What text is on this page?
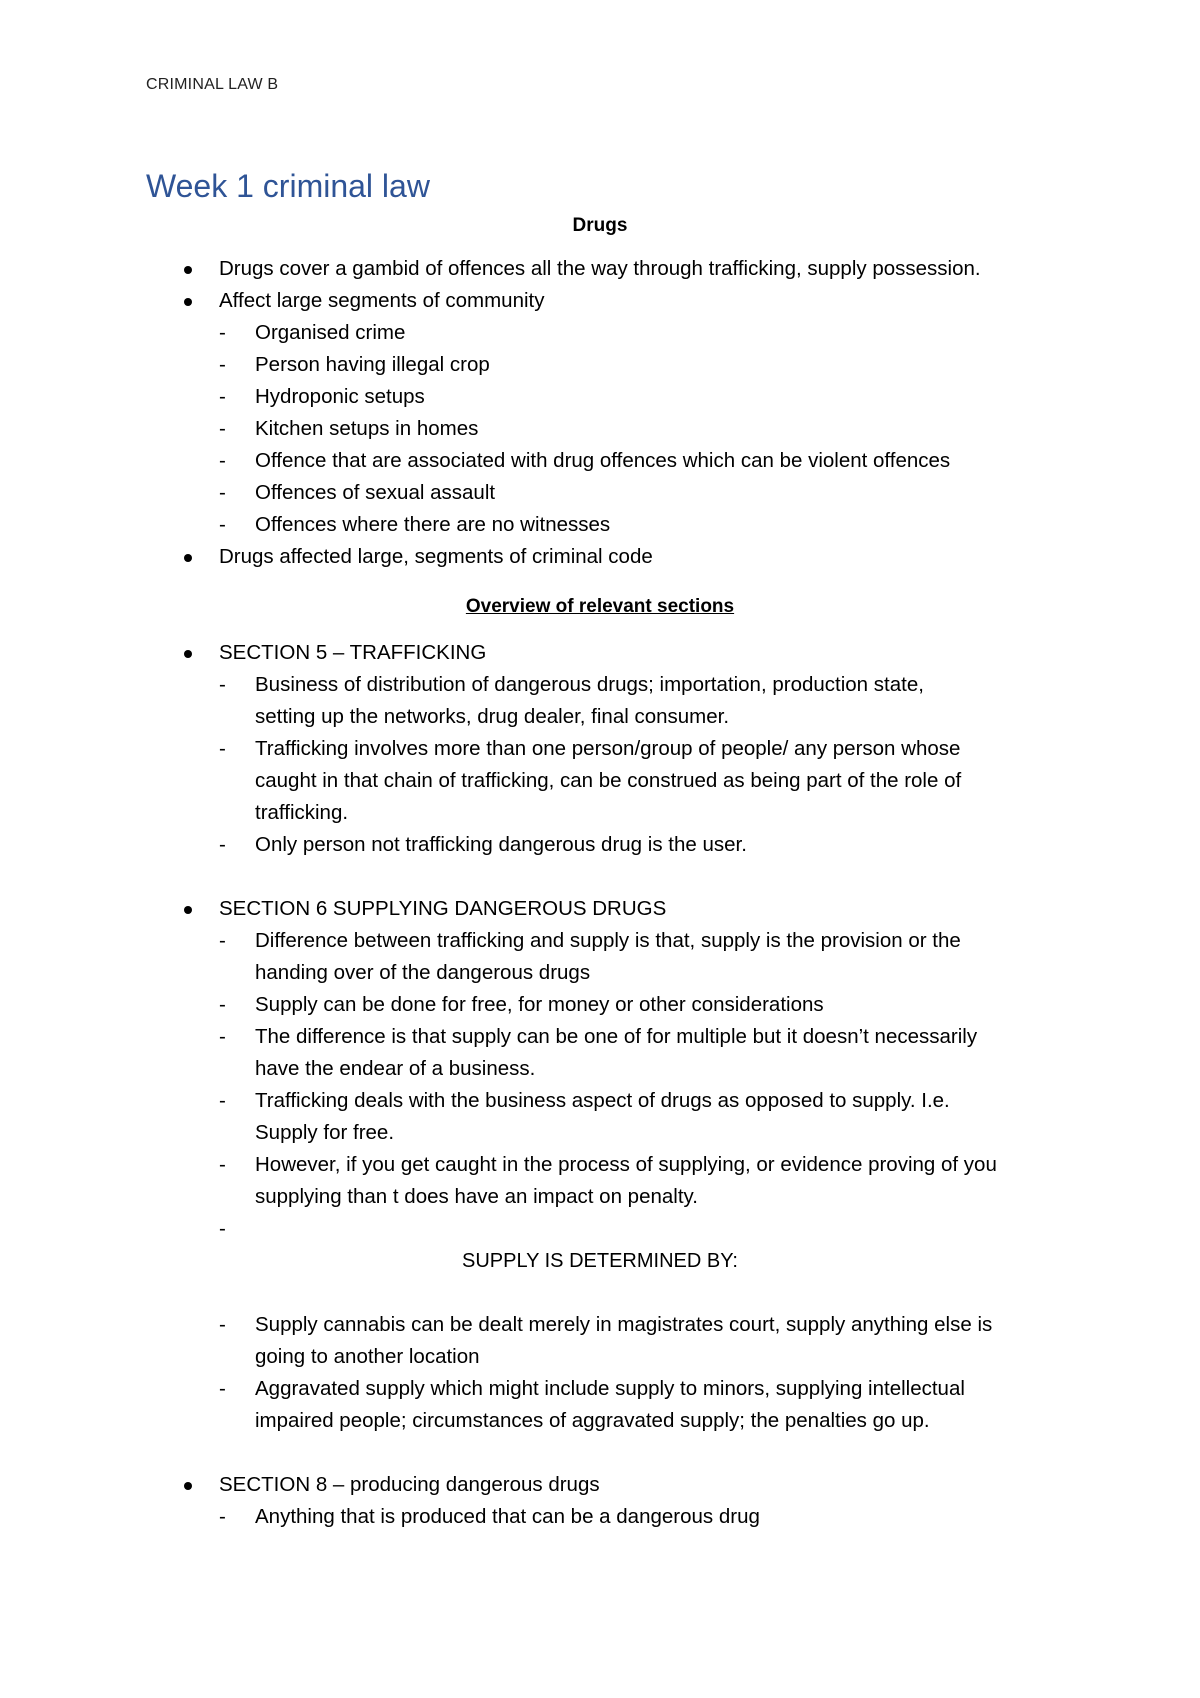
CRIMINAL LAW B
Week 1 criminal law
Drugs
Drugs cover a gambid of offences all the way through trafficking, supply possession.
Affect large segments of community
- Organised crime
- Person having illegal crop
- Hydroponic setups
- Kitchen setups in homes
- Offence that are associated with drug offences which can be violent offences
- Offences of sexual assault
- Offences where there are no witnesses
Drugs affected large, segments of criminal code
Overview of relevant sections
SECTION 5 – TRAFFICKING
- Business of distribution of dangerous drugs; importation, production state,
setting up the networks, drug dealer, final consumer.
- Trafficking involves more than one person/group of people/ any person whose
caught in that chain of trafficking, can be construed as being part of the role of
trafficking.
- Only person not trafficking dangerous drug is the user.
SECTION 6 SUPPLYING DANGEROUS DRUGS
- Difference between trafficking and supply is that, supply is the provision or the
handing over of the dangerous drugs
- Supply can be done for free, for money or other considerations
- The difference is that supply can be one of for multiple but it doesn’t necessarily
have the endear of a business.
- Trafficking deals with the business aspect of drugs as opposed to supply. I.e.
Supply for free.
- However, if you get caught in the process of supplying, or evidence proving of you
supplying than t does have an impact on penalty.
-
SUPPLY IS DETERMINED BY:
- Supply cannabis can be dealt merely in magistrates court, supply anything else is
going to another location
- Aggravated supply which might include supply to minors, supplying intellectual
impaired people; circumstances of aggravated supply; the penalties go up.
SECTION 8 – producing dangerous drugs
- Anything that is produced that can be a dangerous drug
